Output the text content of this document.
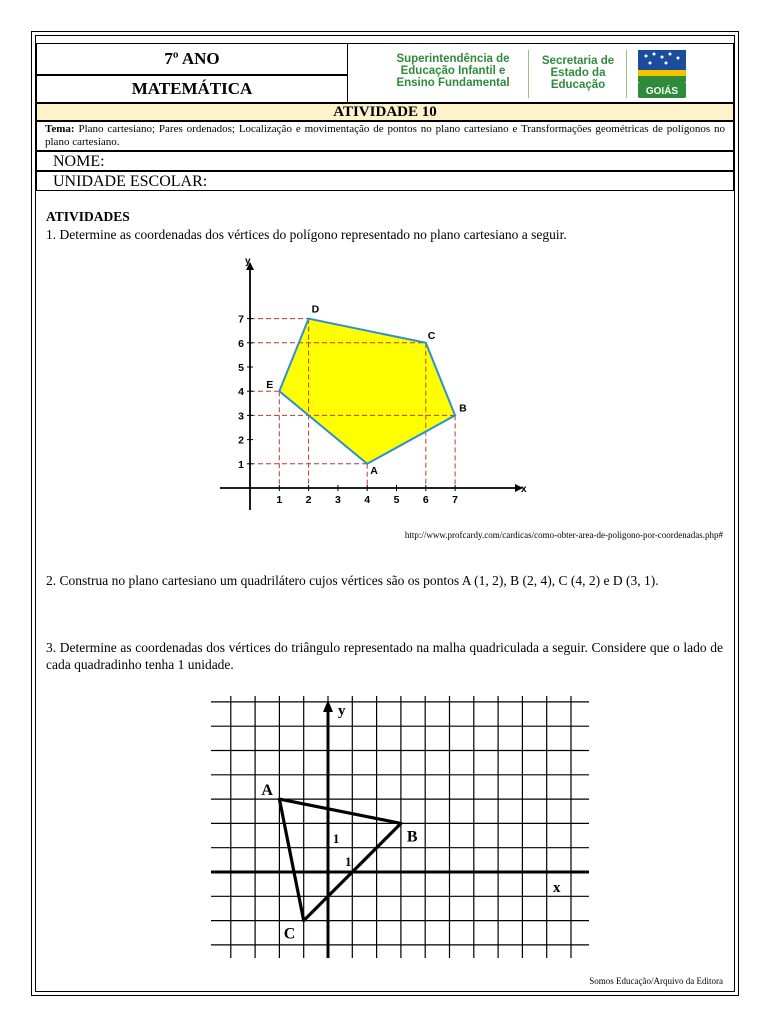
7º ANO
MATEMÁTICA
Superintendência de Educação Infantil e Ensino Fundamental
Secretaria de Estado da Educação
GOIÁS
ATIVIDADE 10
Tema: Plano cartesiano; Pares ordenados; Localização e movimentação de pontos no plano cartesiano e Transformações geométricas de polígonos no plano cartesiano.
NOME:
UNIDADE ESCOLAR:
ATIVIDADES
1. Determine as coordenadas dos vértices do polígono representado no plano cartesiano a seguir.
x
y
1 2 3 4 5 6 7
1
2
3
4
5
6
7
A
B
C
D
E
http://www.profcardy.com/cardicas/como-obter-area-de-poligono-por-coordenadas.php#
2. Construa no plano cartesiano um quadrilátero cujos vértices são os pontos A (1, 2), B (2, 4), C (4, 2) e D (3, 1).
3. Determine as coordenadas dos vértices do triângulo representado na malha quadriculada a seguir. Considere que o lado de cada quadradinho tenha 1 unidade.
y
x
1
1
A
B
C
Somos Educação/Arquivo da Editora
